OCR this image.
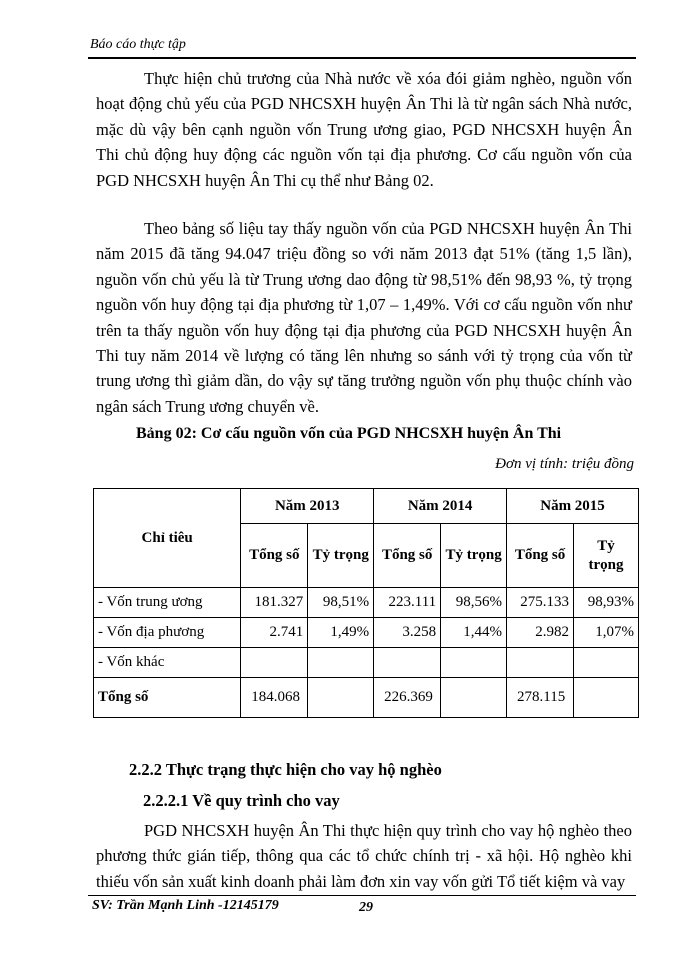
Báo cáo thực tập

Thực hiện chủ trương của Nhà nước về xóa đói giảm nghèo, nguồn vốn hoạt động chủ yếu của PGD NHCSXH huyện Ân Thi là từ ngân sách Nhà nước, mặc dù vậy bên cạnh nguồn vốn Trung ương giao, PGD NHCSXH huyện Ân Thi chủ động huy động các nguồn vốn tại địa phương. Cơ cấu nguồn vốn của PGD NHCSXH huyện Ân Thi cụ thể như Bảng 02.

Theo bảng số liệu tay thấy nguồn vốn của PGD NHCSXH huyện Ân Thi năm 2015 đã tăng 94.047 triệu đồng so với năm 2013 đạt 51% (tăng 1,5 lần), nguồn vốn chủ yếu là từ Trung ương dao động từ 98,51% đến 98,93 %, tỷ trọng nguồn vốn huy động tại địa phương từ 1,07 – 1,49%. Với cơ cấu nguồn vốn như trên ta thấy nguồn vốn huy động tại địa phương của PGD NHCSXH huyện Ân Thi tuy năm 2014 về lượng có tăng lên nhưng so sánh với tỷ trọng của vốn từ trung ương thì giảm dần, do vậy sự tăng trưởng nguồn vốn phụ thuộc chính vào ngân sách Trung ương chuyển về.

Bảng 02: Cơ cấu nguồn vốn của PGD NHCSXH huyện Ân Thi
Đơn vị tính: triệu đồng
Chỉ tiêu	Năm 2013		Năm 2014		Năm 2015	
	Tổng số	Tỷ trọng	Tổng số	Tỷ trọng	Tổng số	Tỷ trọng
- Vốn trung ương	181.327	98,51%	223.111	98,56%	275.133	98,93%
- Vốn địa phương	2.741	1,49%	3.258	1,44%	2.982	1,07%
- Vốn khác						
Tổng số	184.068		226.369		278.115	
2.2.2 Thực trạng thực hiện cho vay hộ nghèo
2.2.2.1 Về quy trình cho vay

PGD NHCSXH huyện Ân Thi thực hiện quy trình cho vay hộ nghèo theo phương thức gián tiếp, thông qua các tổ chức chính trị - xã hội. Hộ nghèo khi thiếu vốn sản xuất kinh doanh phải làm đơn xin vay vốn gửi Tổ tiết kiệm và vay

SV: Trần Mạnh Linh -12145179	29
